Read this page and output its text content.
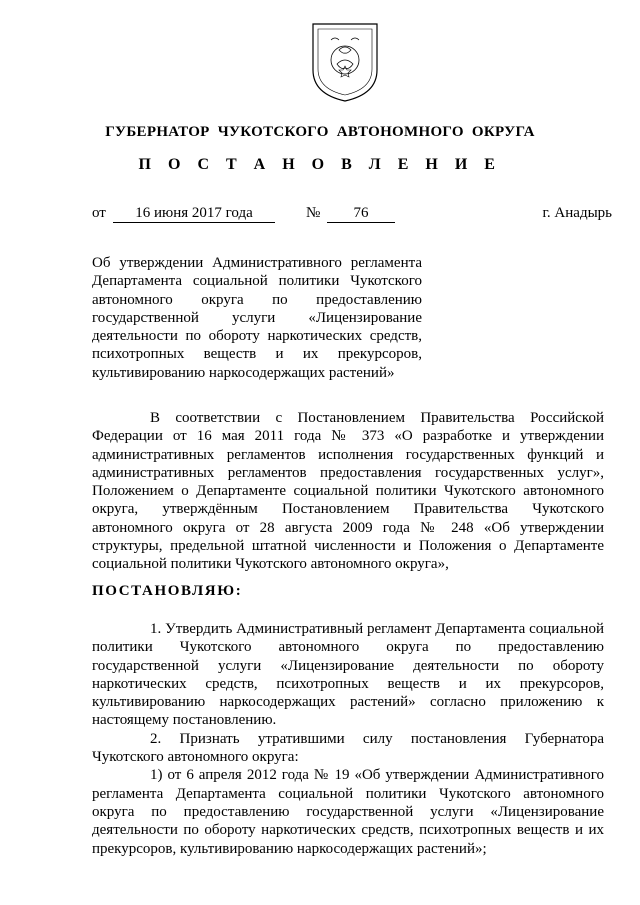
ГУБЕРНАТОР ЧУКОТСКОГО АВТОНОМНОГО ОКРУГА
П О С Т А Н О В Л Е Н И Е
от	16 июня 2017 года	№	76	г. Анадырь
Об утверждении Административного регламента
Департамента социальной политики Чукотского
автономного округа по предоставлению
государственной услуги «Лицензирование
деятельности по обороту наркотических средств,
психотропных веществ и их прекурсоров,
культивированию наркосодержащих растений»
В соответствии с Постановлением Правительства Российской
Федерации от 16 мая 2011 года № 373 «О разработке и утверждении
административных регламентов исполнения государственных функций и
административных регламентов предоставления государственных услуг»,
Положением о Департаменте социальной политики Чукотского автономного
округа, утверждённым Постановлением Правительства Чукотского
автономного округа от 28 августа 2009 года № 248 «Об утверждении
структуры, предельной штатной численности и Положения о Департаменте
социальной политики Чукотского автономного округа»,
ПОСТАНОВЛЯЮ:
1. Утвердить Административный регламент Департамента социальной
политики Чукотского автономного округа по предоставлению
государственной услуги «Лицензирование деятельности по обороту
наркотических средств, психотропных веществ и их прекурсоров,
культивированию наркосодержащих растений» согласно приложению к
настоящему постановлению.
2. Признать утратившими силу постановления Губернатора
Чукотского автономного округа:
1) от 6 апреля 2012 года № 19 «Об утверждении Административного
регламента Департамента социальной политики Чукотского автономного
округа по предоставлению государственной услуги «Лицензирование
деятельности по обороту наркотических средств, психотропных веществ и их
прекурсоров, культивированию наркосодержащих растений»;
